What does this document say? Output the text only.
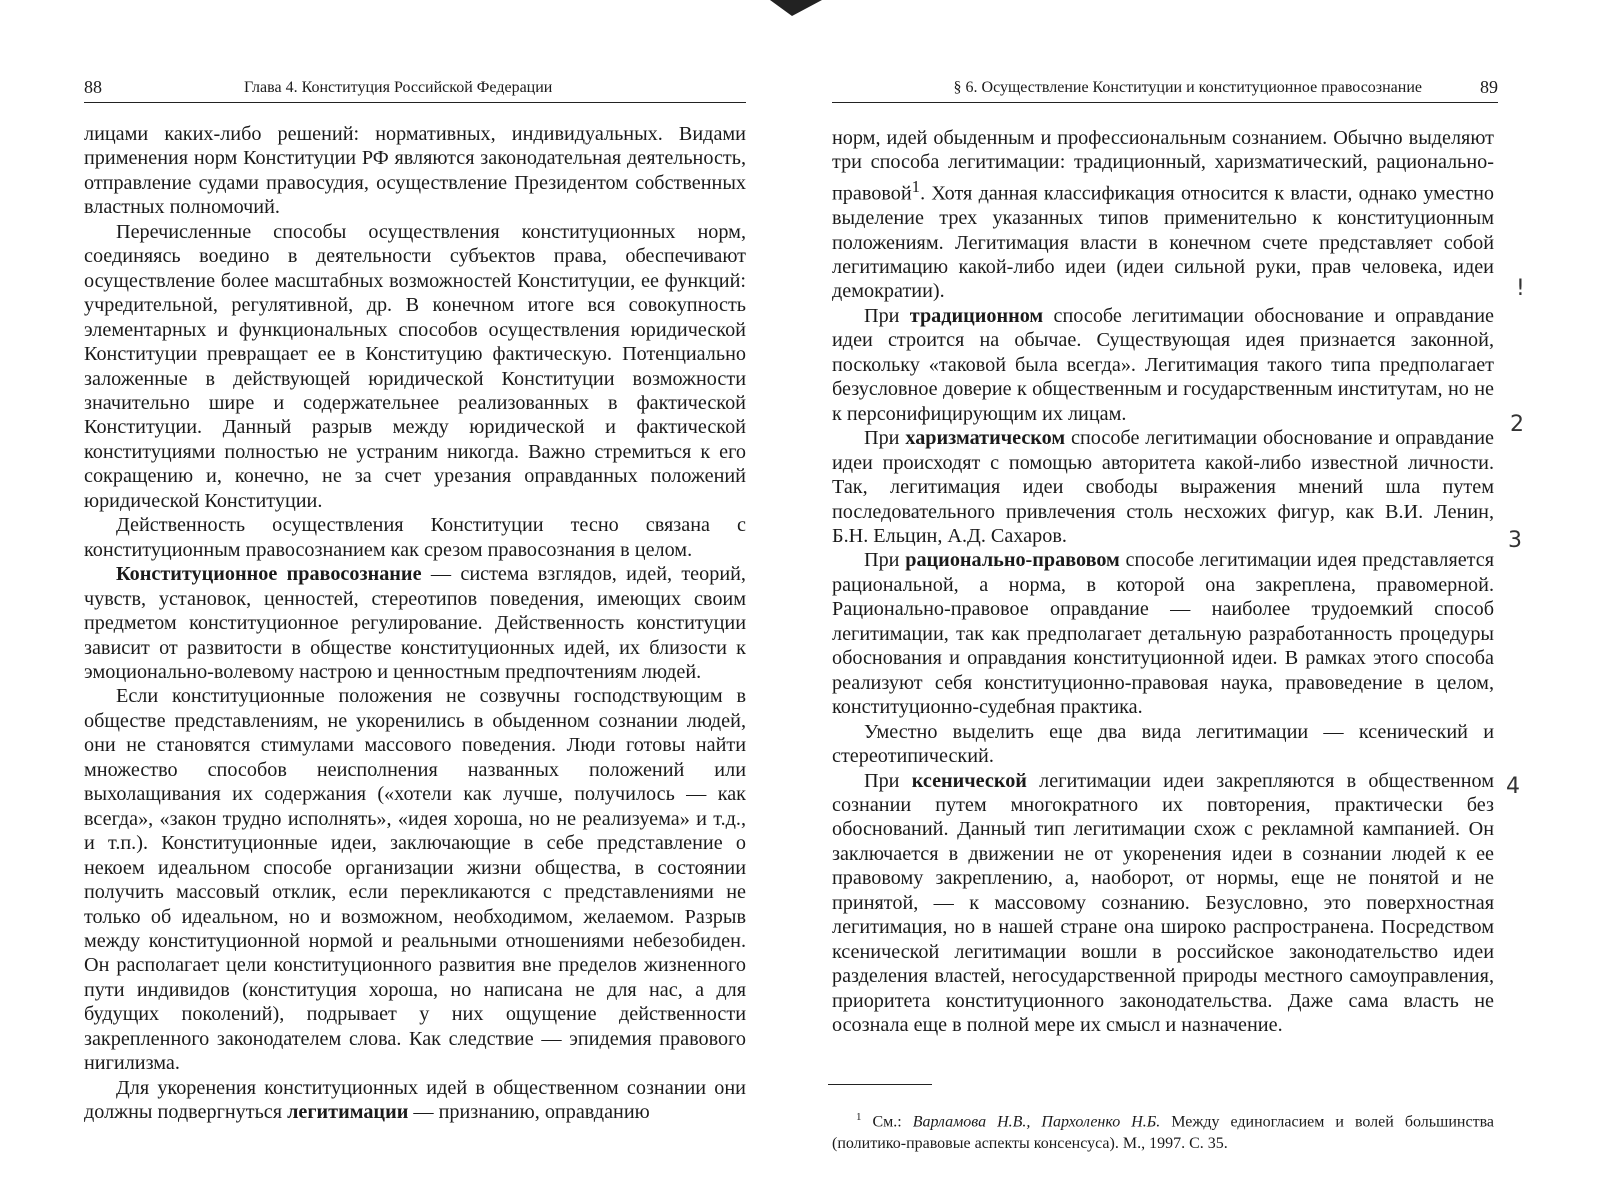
88	Глава 4. Конституция Российской Федерации

лицами каких-либо решений: нормативных, индивидуальных. Видами применения норм Конституции РФ являются законодательная деятельность, отправление судами правосудия, осуществление Президентом собственных властных полномочий.

Перечисленные способы осуществления конституционных норм, соединяясь воедино в деятельности субъектов права, обеспечивают осуществление более масштабных возможностей Конституции, ее функций: учредительной, регулятивной, др. В конечном итоге вся совокупность элементарных и функциональных способов осуществления юридической Конституции превращает ее в Конституцию фактическую. Потенциально заложенные в действующей юридической Конституции возможности значительно шире и содержательнее реализованных в фактической Конституции. Данный разрыв между юридической и фактической конституциями полностью не устраним никогда. Важно стремиться к его сокращению и, конечно, не за счет урезания оправданных положений юридической Конституции.

Действенность осуществления Конституции тесно связана с конституционным правосознанием как срезом правосознания в целом.

Конституционное правосознание — система взглядов, идей, теорий, чувств, установок, ценностей, стереотипов поведения, имеющих своим предметом конституционное регулирование. Действенность конституции зависит от развитости в обществе конституционных идей, их близости к эмоционально-волевому настрою и ценностным предпочтениям людей.

Если конституционные положения не созвучны господствующим в обществе представлениям, не укоренились в обыденном сознании людей, они не становятся стимулами массового поведения. Люди готовы найти множество способов неисполнения названных положений или выхолащивания их содержания («хотели как лучше, получилось — как всегда», «закон трудно исполнять», «идея хороша, но не реализуема» и т.д., и т.п.). Конституционные идеи, заключающие в себе представление о некоем идеальном способе организации жизни общества, в состоянии получить массовый отклик, если перекликаются с представлениями не только об идеальном, но и возможном, необходимом, желаемом. Разрыв между конституционной нормой и реальными отношениями небезобиден. Он располагает цели конституционного развития вне пределов жизненного пути индивидов (конституция хороша, но написана не для нас, а для будущих поколений), подрывает у них ощущение действенности закрепленного законодателем слова. Как следствие — эпидемия правового нигилизма.

Для укоренения конституционных идей в общественном сознании они должны подвергнуться легитимации — признанию, оправданию

§ 6. Осуществление Конституции и конституционное правосознание	89

норм, идей обыденным и профессиональным сознанием. Обычно выделяют три способа легитимации: традиционный, харизматический, рационально-правовой$^1$. Хотя данная классификация относится к власти, однако уместно выделение трех указанных типов применительно к конституционным положениям. Легитимация власти в конечном счете представляет собой легитимацию какой-либо идеи (идеи сильной руки, прав человека, идеи демократии).

При традиционном способе легитимации обоснование и оправдание идеи строится на обычае. Существующая идея признается законной, поскольку «таковой была всегда». Легитимация такого типа предполагает безусловное доверие к общественным и государственным институтам, но не к персонифицирующим их лицам.

При харизматическом способе легитимации обоснование и оправдание идеи происходят с помощью авторитета какой-либо известной личности. Так, легитимация идеи свободы выражения мнений шла путем последовательного привлечения столь несхожих фигур, как В.И. Ленин, Б.Н. Ельцин, А.Д. Сахаров.

При рационально-правовом способе легитимации идея представляется рациональной, а норма, в которой она закреплена, правомерной. Рационально-правовое оправдание — наиболее трудоемкий способ легитимации, так как предполагает детальную разработанность процедуры обоснования и оправдания конституционной идеи. В рамках этого способа реализуют себя конституционно-правовая наука, правоведение в целом, конституционно-судебная практика.

Уместно выделить еще два вида легитимации — ксенический и стереотипический.

При ксенической легитимации идеи закрепляются в общественном сознании путем многократного их повторения, практически без обоснований. Данный тип легитимации схож с рекламной кампанией. Он заключается в движении не от укоренения идеи в сознании людей к ее правовому закреплению, а, наоборот, от нормы, еще не понятой и не принятой, — к массовому сознанию. Безусловно, это поверхностная легитимация, но в нашей стране она широко распространена. Посредством ксенической легитимации вошли в российское законодательство идеи разделения властей, негосударственной природы местного самоуправления, приоритета конституционного законодательства. Даже сама власть не осознала еще в полной мере их смысл и назначение.

$^1$ См.: Варламова Н.В., Пархоленко Н.Б. Между единогласием и волей большинства (политико-правовые аспекты консенсуса). М., 1997. С. 35.
!
2
3
4
